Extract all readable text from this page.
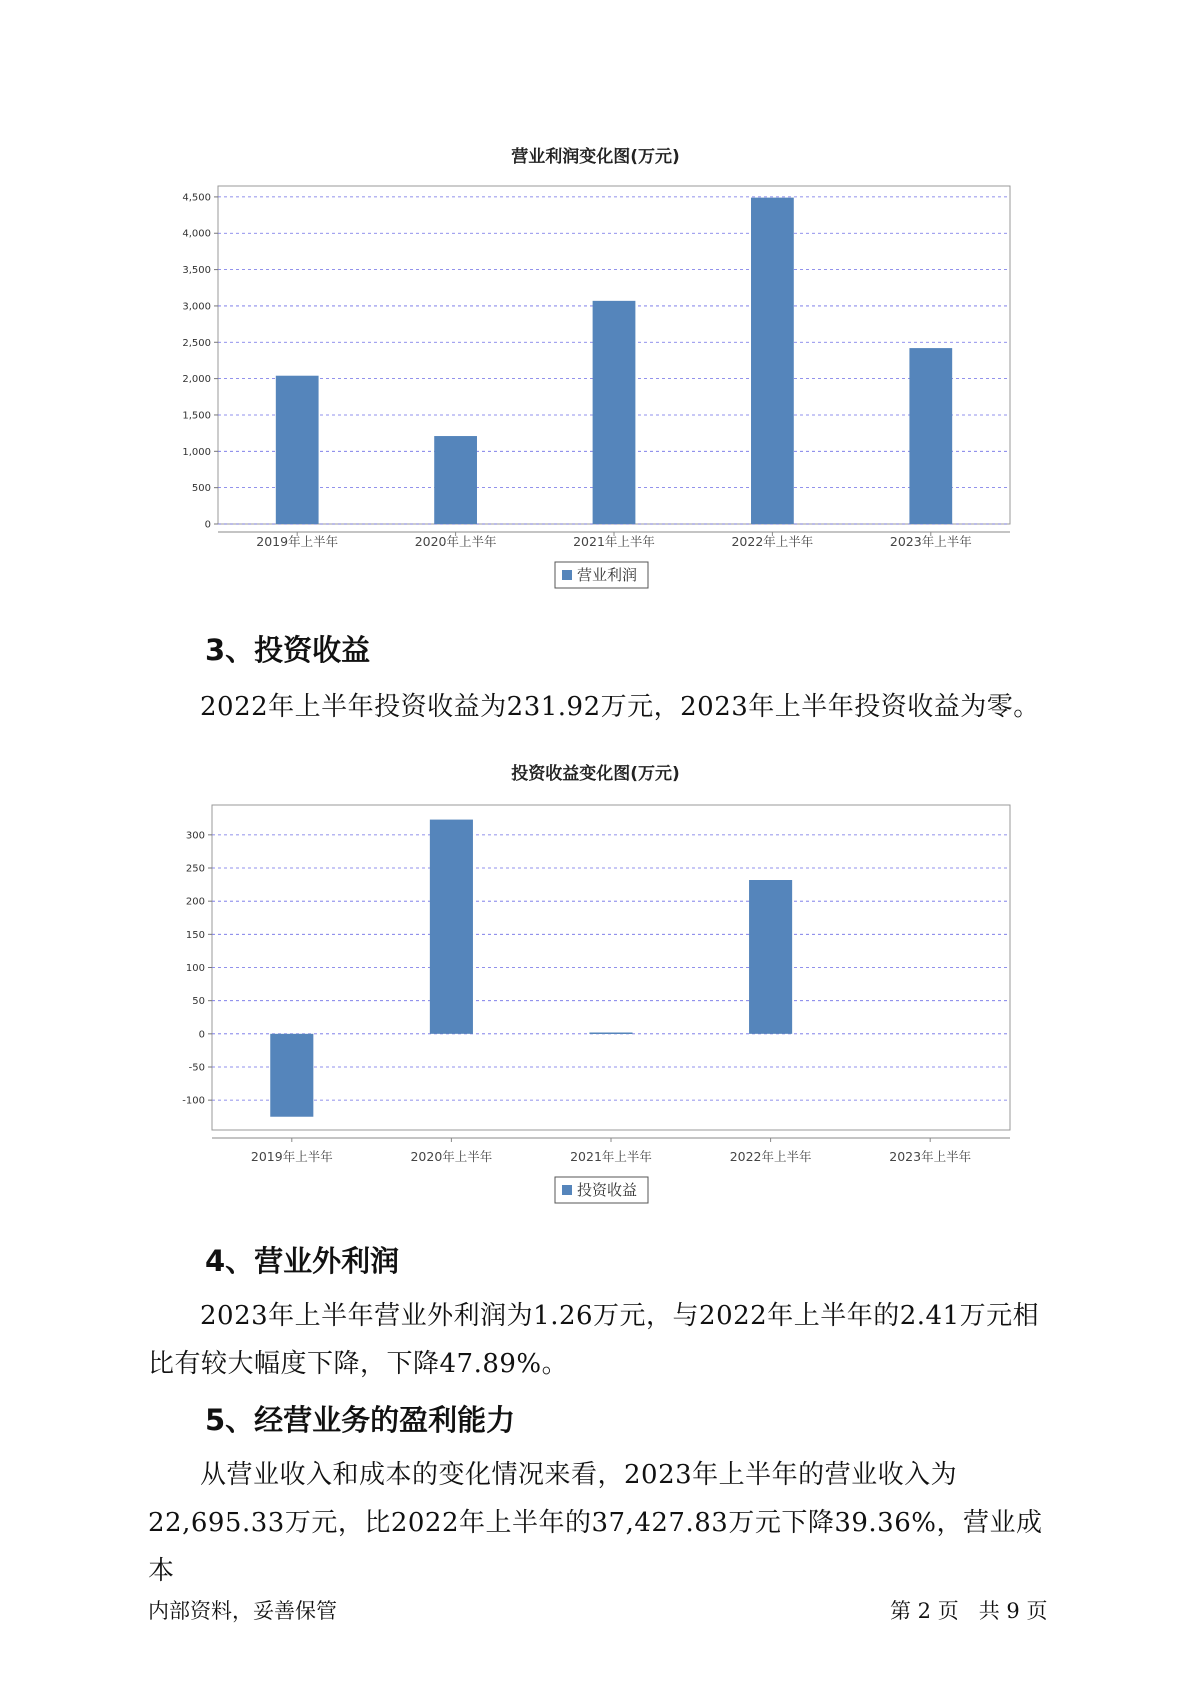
营业利润变化图(万元)
0
500
1,000
1,500
2,000
2,500
3,000
3,500
4,000
4,500
2019年上半年	2020年上半年	2021年上半年	2022年上半年	2023年上半年
营业利润
3、投资收益
2022年上半年投资收益为231.92万元，2023年上半年投资收益为零。
投资收益变化图(万元)
-100
-50
0
50
100
150
200
250
300
2019年上半年	2020年上半年	2021年上半年	2022年上半年	2023年上半年
投资收益
4、营业外利润
2023年上半年营业外利润为1.26万元，与2022年上半年的2.41万元相比有较大幅度下降，下降47.89%。
5、经营业务的盈利能力
从营业收入和成本的变化情况来看，2023年上半年的营业收入为22,695.33万元，比2022年上半年的37,427.83万元下降39.36%，营业成本
内部资料，妥善保管	第 2 页   共 9 页
